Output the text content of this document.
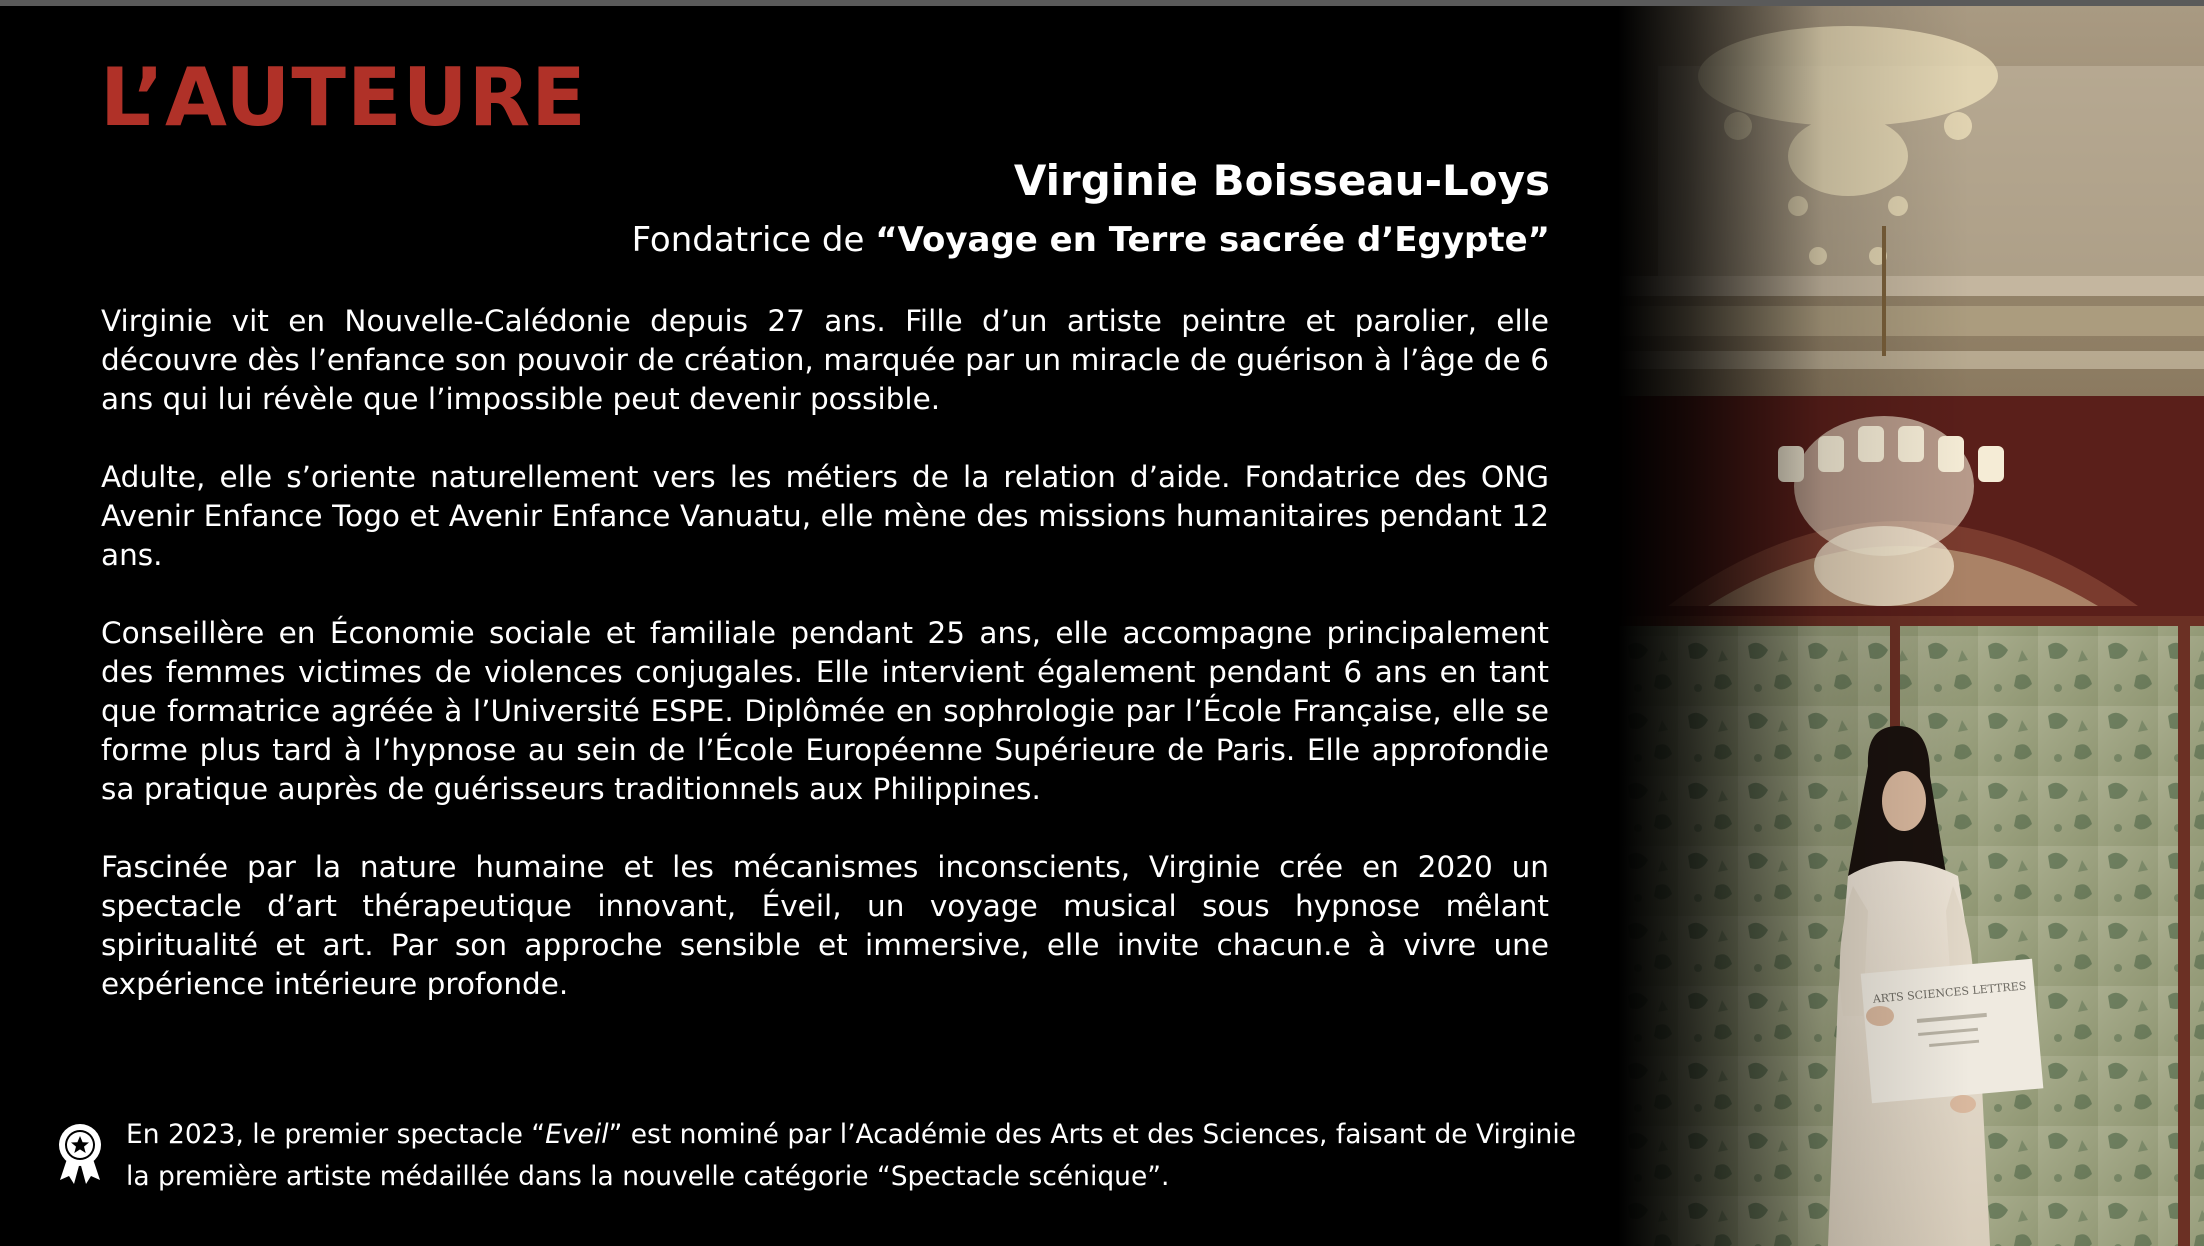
L’AUTEURE
Virginie Boisseau-Loys
Fondatrice de “Voyage en Terre sacrée d’Egypte”

Virginie vit en Nouvelle-Calédonie depuis 27 ans. Fille d’un artiste peintre et parolier, elle découvre dès l’enfance son pouvoir de création, marquée par un miracle de guérison à l’âge de 6 ans qui lui révèle que l’impossible peut devenir possible.

Adulte, elle s’oriente naturellement vers les métiers de la relation d’aide. Fondatrice des ONG Avenir Enfance Togo et Avenir Enfance Vanuatu, elle mène des missions humanitaires pendant 12 ans.

Conseillère en Économie sociale et familiale pendant 25 ans, elle accompagne principalement des femmes victimes de violences conjugales. Elle intervient également pendant 6 ans en tant que formatrice agréée à l’Université ESPE. Diplômée en sophrologie par l’École Française, elle se forme plus tard à l’hypnose au sein de l’École Européenne Supérieure de Paris. Elle approfondie sa pratique auprès de guérisseurs traditionnels aux Philippines.

Fascinée par la nature humaine et les mécanismes inconscients, Virginie crée en 2020 un spectacle d’art thérapeutique innovant, Éveil, un voyage musical sous hypnose mêlant spiritualité et art. Par son approche sensible et immersive, elle invite chacun.e à vivre une expérience intérieure profonde.

En 2023, le premier spectacle “Eveil” est nominé par l’Académie des Arts et des Sciences, faisant de Virginie la première artiste médaillée dans la nouvelle catégorie “Spectacle scénique”.
